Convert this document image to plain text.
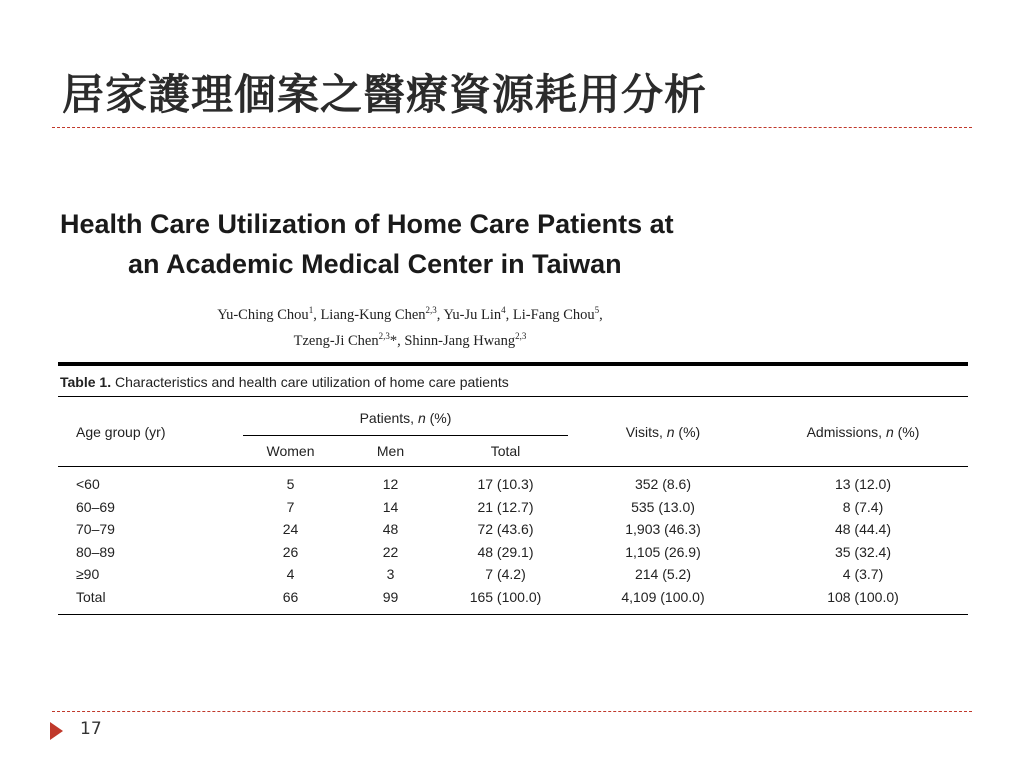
居家護理個案之醫療資源耗用分析
Health Care Utilization of Home Care Patients at
an Academic Medical Center in Taiwan
Yu-Ching Chou$^1$, Liang-Kung Chen$^{2,3}$, Yu-Ju Lin$^4$, Li-Fang Chou$^5$,
Tzeng-Ji Chen$^{2,3}$*, Shinn-Jang Hwang$^{2,3}$
Table 1. Characteristics and health care utilization of home care patients
Age group (yr)	Patients, n (%)			Visits, n (%)	Admissions, n (%)
	Women	Men	Total		
<60	5	12	17 (10.3)	352 (8.6)	13 (12.0)
60–69	7	14	21 (12.7)	535 (13.0)	8 (7.4)
70–79	24	48	72 (43.6)	1,903 (46.3)	48 (44.4)
80–89	26	22	48 (29.1)	1,105 (26.9)	35 (32.4)
≥90	4	3	7 (4.2)	214 (5.2)	4 (3.7)
Total	66	99	165 (100.0)	4,109 (100.0)	108 (100.0)
17
